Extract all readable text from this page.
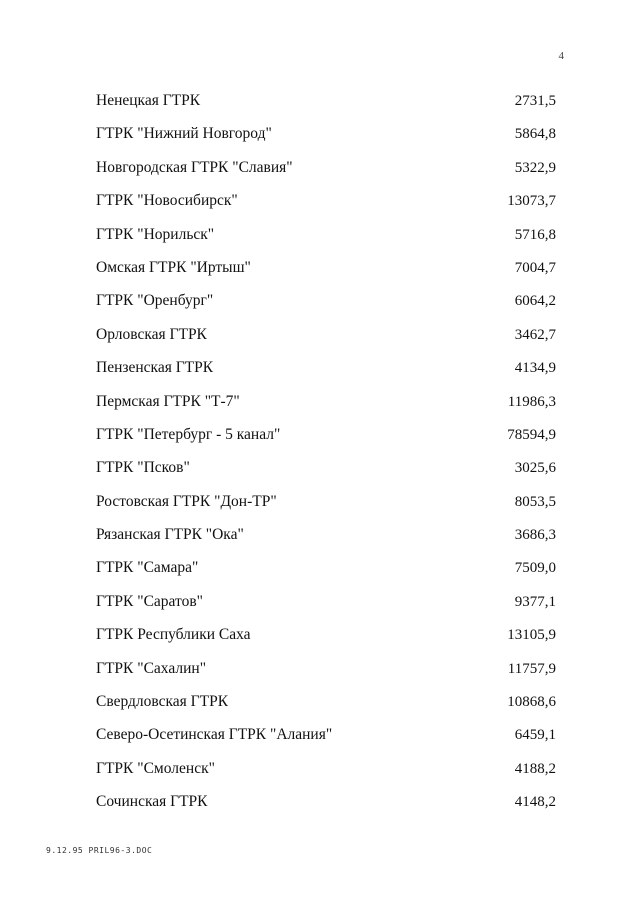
4
Ненецкая ГТРК	2731,5
ГТРК "Нижний Новгород"	5864,8
Новгородская ГТРК "Славия"	5322,9
ГТРК "Новосибирск"	13073,7
ГТРК "Норильск"	5716,8
Омская ГТРК "Иртыш"	7004,7
ГТРК "Оренбург"	6064,2
Орловская ГТРК	3462,7
Пензенская ГТРК	4134,9
Пермская ГТРК "Т-7"	11986,3
ГТРК "Петербург - 5 канал"	78594,9
ГТРК "Псков"	3025,6
Ростовская ГТРК "Дон-ТР"	8053,5
Рязанская ГТРК "Ока"	3686,3
ГТРК "Самара"	7509,0
ГТРК "Саратов"	9377,1
ГТРК Республики Саха	13105,9
ГТРК "Сахалин"	11757,9
Свердловская ГТРК	10868,6
Северо-Осетинская ГТРК "Алания"	6459,1
ГТРК "Смоленск"	4188,2
Сочинская ГТРК	4148,2
9.12.95 PRIL96-3.DOC
